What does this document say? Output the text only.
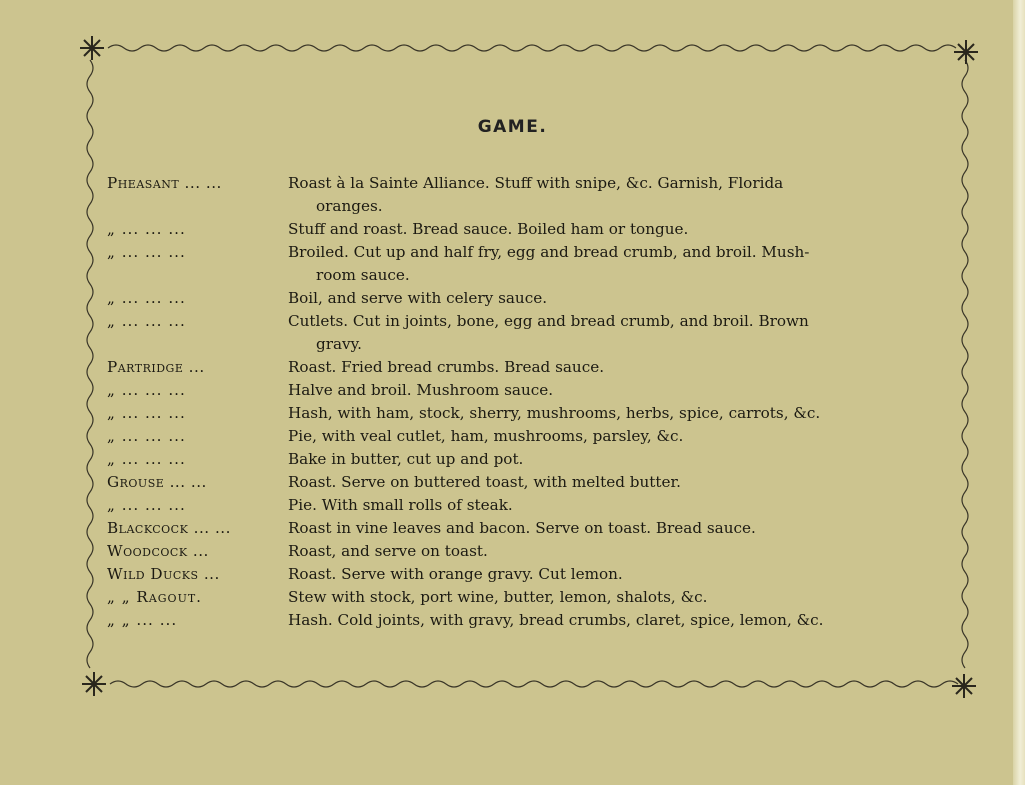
GAME.
Pheasant ... ...	Roast à la Sainte Alliance. Stuff with snipe, &c. Garnish, Florida
oranges.
„ ... ... ...	Stuff and roast. Bread sauce. Boiled ham or tongue.
„ ... ... ...	Broiled. Cut up and half fry, egg and bread crumb, and broil. Mush-
room sauce.
„ ... ... ...	Boil, and serve with celery sauce.
„ ... ... ...	Cutlets. Cut in joints, bone, egg and bread crumb, and broil. Brown
gravy.
Partridge ...	Roast. Fried bread crumbs. Bread sauce.
„ ... ... ...	Halve and broil. Mushroom sauce.
„ ... ... ...	Hash, with ham, stock, sherry, mushrooms, herbs, spice, carrots, &c.
„ ... ... ...	Pie, with veal cutlet, ham, mushrooms, parsley, &c.
„ ... ... ...	Bake in butter, cut up and pot.
Grouse ... ...	Roast. Serve on buttered toast, with melted butter.
„ ... ... ...	Pie. With small rolls of steak.
Blackcock ... ...	Roast in vine leaves and bacon. Serve on toast. Bread sauce.
Woodcock ...	Roast, and serve on toast.
Wild Ducks ...	Roast. Serve with orange gravy. Cut lemon.
„ „ Ragout.	Stew with stock, port wine, butter, lemon, shalots, &c.
„ „ ... ...	Hash. Cold joints, with gravy, bread crumbs, claret, spice, lemon, &c.
